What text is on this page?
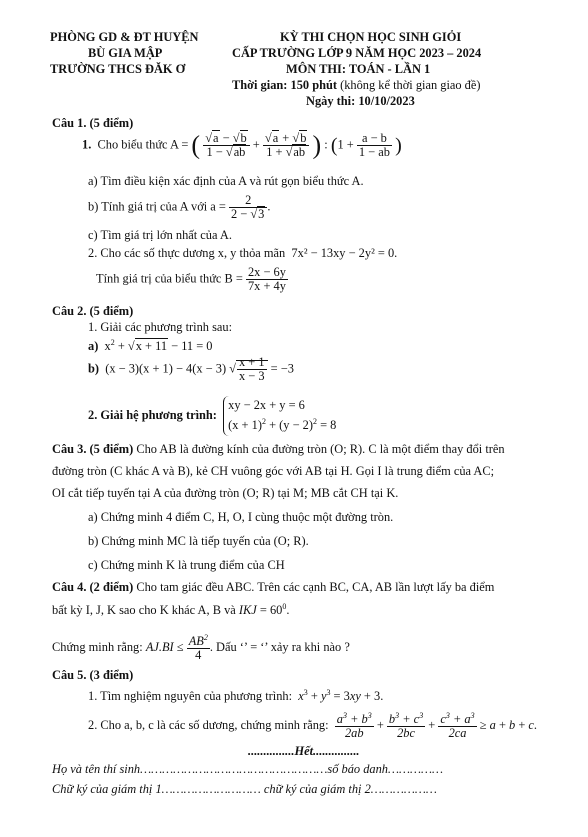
PHÒNG GD & ĐT HUYỆN
BÙ GIA MẬP
TRƯỜNG THCS ĐĂK Ơ
KỲ THI CHỌN HỌC SINH GIỎI
CẤP TRƯỜNG LỚP 9 NĂM HỌC 2023 – 2024
MÔN THI: TOÁN - LẦN 1
Thời gian: 150 phút (không kể thời gian giao đề)
Ngày thi: 10/10/2023
Câu 1. (5 điểm)
1. Cho biểu thức A = ( $\frac{√a - √b}{1 - √ab} + \frac{√a + √b}{1 + √ab}$ ) : ($1 + \frac{a - b}{1 - ab}$ )
a) Tìm điều kiện xác định của A và rút gọn biểu thức A.
b) Tính giá trị của A với $a = \frac{2}{2 - √3}$ .
c) Tìm giá trị lớn nhất của A.
2. Cho các số thực dương x, y thỏa mãn 7x² − 13xy − 2y² = 0.
Tính giá trị của biểu thức $B = \frac{2x - 6y}{7x + 4y}$
Câu 2. (5 điểm)
1. Giải các phương trình sau:
a)  $x^2 + √x + 11 - 11 = 0$
b)  (x − 3)(x + 1) − 4(x − 3) √ $\frac{x + 1}{x - 3} = -3$
2. Giải hệ phương trình:
xy − 2x + y = 6
$(x + 1)^2 + (y - 2)^2 = 8$
Câu 3. (5 điểm) Cho AB là đường kính của đường tròn (O; R). C là một điểm thay đổi trên
đường tròn (C khác A và B), kẻ CH vuông góc với AB tại H. Gọi I là trung điểm của AC;
OI cắt tiếp tuyến tại A của đường tròn (O; R) tại M; MB cắt CH tại K.
a) Chứng minh 4 điểm C, H, O, I cùng thuộc một đường tròn.
b) Chứng minh MC là tiếp tuyến của (O; R).
c) Chứng minh K là trung điểm của CH
Câu 4. (2 điểm) Cho tam giác đều ABC. Trên các cạnh BC, CA, AB lần lượt lấy ba điểm
bất kỳ I, J, K sao cho K khác A, B và IKJ = $60^0$.
Chứng minh rằng: $AJ.BI \le \frac{AB^2}{4}$ . Dấu ‘’ = ‘’ xảy ra khi nào ?
Câu 5. (3 điểm)
1. Tìm nghiệm nguyên của phương trình: $x^3 + y^3 = 3xy + 3$.
2. Cho a, b, c là các số dương, chứng minh rằng: $\frac{a^3 + b^3}{2ab} + \frac{b^3 + c^3}{2bc} + \frac{c^3 + a^3}{2ca} \ge a + b + c$.
...............Hết...............
Họ và tên thí sinh……………………………………………số báo danh……………
Chữ ký của giám thị 1……………………… chữ ký của giám thị 2………………
